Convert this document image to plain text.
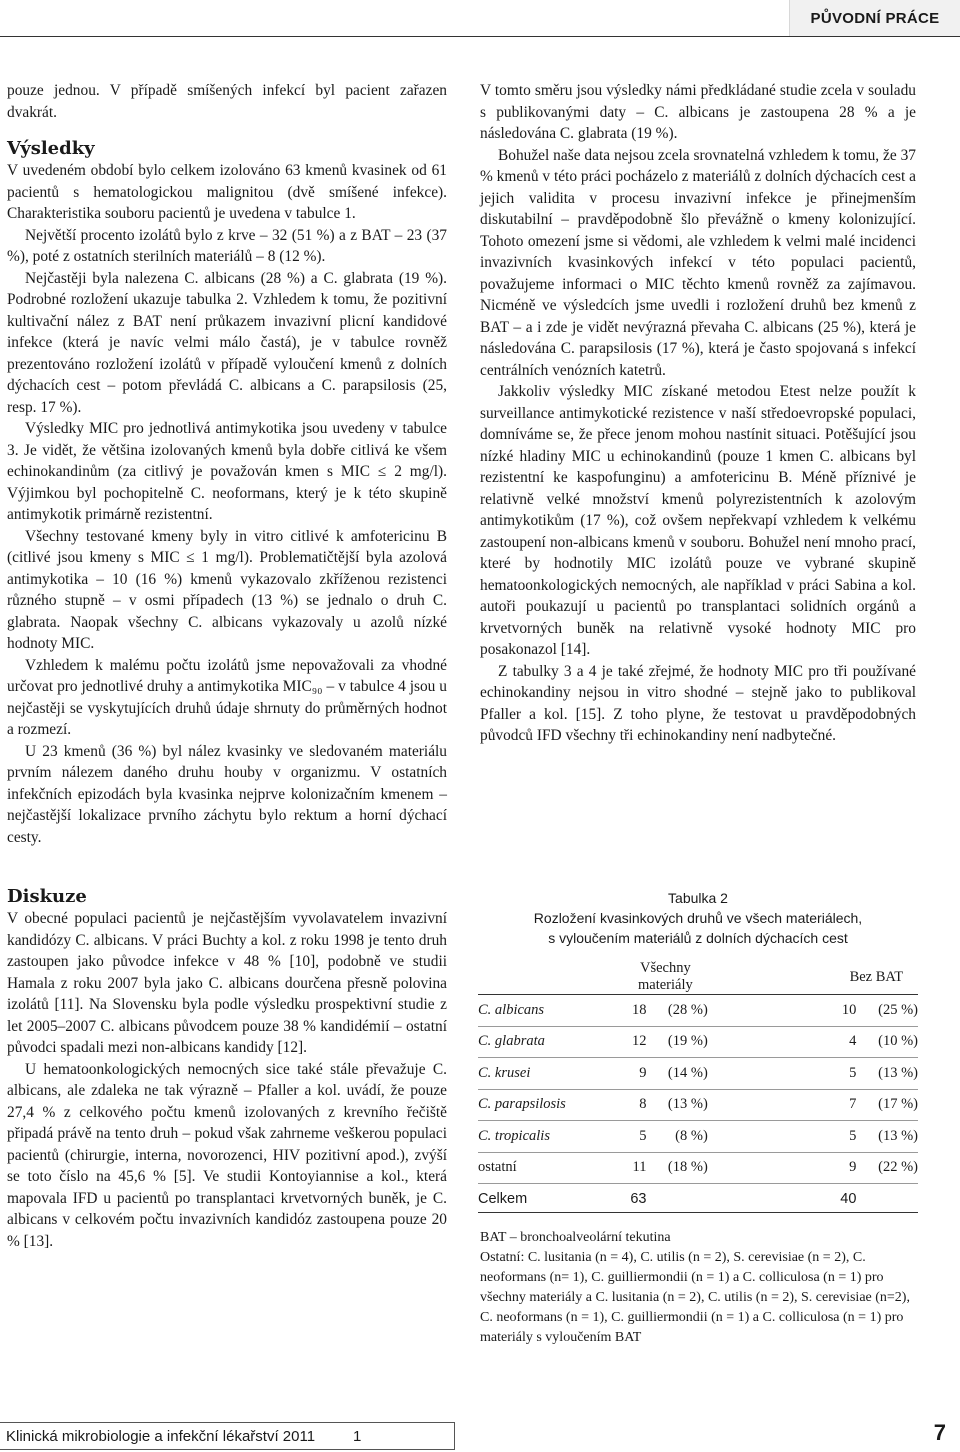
PŮVODNÍ PRÁCE

pouze jednou. V případě smíšených infekcí byl pacient zařazen dvakrát.

Výsledky

V uvedeném období bylo celkem izolováno 63 kmenů kvasinek od 61 pacientů s hematologickou malignitou (dvě smíšené infekce). Charakteristika souboru pacientů je uvedena v tabulce 1.

Největší procento izolátů bylo z krve – 32 (51 %) a z BAT – 23 (37 %), poté z ostatních sterilních materiálů – 8 (12 %).

Nejčastěji byla nalezena C. albicans (28 %) a C. glabrata (19 %). Podrobné rozložení ukazuje tabulka 2. Vzhledem k tomu, že pozitivní kultivační nález z BAT není průkazem invazivní plicní kandidové infekce (která je navíc velmi málo častá), je v tabulce rovněž prezentováno rozložení izolátů v případě vyloučení kmenů z dolních dýchacích cest – potom převládá C. albicans a C. parapsilosis (25, resp. 17 %).

Výsledky MIC pro jednotlivá antimykotika jsou uvedeny v tabulce 3. Je vidět, že většina izolovaných kmenů byla dobře citlivá ke všem echinokandinům (za citlivý je považován kmen s MIC ≤ 2 mg/l). Výjimkou byl pochopitelně C. neoformans, který je k této skupině antimykotik primárně rezistentní.

Všechny testované kmeny byly in vitro citlivé k amfotericinu B (citlivé jsou kmeny s MIC ≤ 1 mg/l). Problematičtější byla azolová antimykotika – 10 (16 %) kmenů vykazovalo zkříženou rezistenci různého stupně – v osmi případech (13 %) se jednalo o druh C. glabrata. Naopak všechny C. albicans vykazovaly u azolů nízké hodnoty MIC.

Vzhledem k malému počtu izolátů jsme nepovažovali za vhodné určovat pro jednotlivé druhy a antimykotika MIC₉₀ – v tabulce 4 jsou u nejčastěji se vyskytujících druhů údaje shrnuty do průměrných hodnot a rozmezí.

U 23 kmenů (36 %) byl nález kvasinky ve sledovaném materiálu prvním nálezem daného druhu houby v organizmu. V ostatních infekčních epizodách byla kvasinka nejprve kolonizačním kmenem – nejčastější lokalizace prvního záchytu bylo rektum a horní dýchací cesty.

Diskuze

V obecné populaci pacientů je nejčastějším vyvolavatelem invazivní kandidózy C. albicans. V práci Buchty a kol. z roku 1998 je tento druh zastoupen jako původce infekce v 48 % [10], podobně ve studii Hamala z roku 2007 byla jako C. albicans dourčena přesně polovina izolátů [11]. Na Slovensku byla podle výsledku prospektivní studie z let 2005–2007 C. albicans původcem pouze 38 % kandidémií – ostatní původci spadali mezi non-albicans kandidy [12].

U hematoonkologických nemocných sice také stále převažuje C. albicans, ale zdaleka ne tak výrazně – Pfaller a kol. uvádí, že pouze 27,4 % z celkového počtu kmenů izolovaných z krevního řečiště připadá právě na tento druh – pokud však zahrneme veškerou populaci pacientů (chirurgie, interna, novorozenci, HIV pozitivní apod.), zvýší se toto číslo na 45,6 % [5]. Ve studii Kontoyiannise a kol., která mapovala IFD u pacientů po transplantaci krvetvorných buněk, je C. albicans v celkovém počtu invazivních kandidóz zastoupena pouze 20 % [13].

V tomto směru jsou výsledky námi předkládané studie zcela v souladu s publikovanými daty – C. albicans je zastoupena 28 % a je následována C. glabrata (19 %).

Bohužel naše data nejsou zcela srovnatelná vzhledem k tomu, že 37 % kmenů v této práci pocházelo z materiálů z dolních dýchacích cest a jejich validita v procesu invazivní infekce je přinejmenším diskutabilní – pravděpodobně šlo převážně o kmeny kolonizující. Tohoto omezení jsme si vědomi, ale vzhledem k velmi malé incidenci invazivních kvasinkových infekcí v této populaci pacientů, považujeme informaci o MIC těchto kmenů rovněž za zajímavou. Nicméně ve výsledcích jsme uvedli i rozložení druhů bez kmenů z BAT – a i zde je vidět nevýrazná převaha C. albicans (25 %), která je následována C. parapsilosis (17 %), která je často spojovaná s infekcí centrálních venózních katetrů.

Jakkoliv výsledky MIC získané metodou Etest nelze použít k surveillance antimykotické rezistence v naší středoevropské populaci, domníváme se, že přece jenom mohou nastínit situaci. Potěšující jsou nízké hladiny MIC u echinokandinů (pouze 1 kmen C. albicans byl rezistentní ke kaspofunginu) a amfotericinu B. Méně příznivé je relativně velké množství kmenů polyrezistentních k azolovým antimykotikům (17 %), což ovšem nepřekvapí vzhledem k velkému zastoupení non-albicans kmenů v souboru. Bohužel není mnoho prací, které by hodnotily MIC izolátů pouze ve vybrané skupině hematoonkologických nemocných, ale například v práci Sabina a kol. autoři poukazují u pacientů po transplantaci solidních orgánů a krvetvorných buněk na relativně vysoké hodnoty MIC pro posakonazol [14].

Z tabulky 3 a 4 je také zřejmé, že hodnoty MIC pro tři používané echinokandiny nejsou in vitro shodné – stejně jako to publikoval Pfaller a kol. [15]. Z toho plyne, že testovat u pravděpodobných původců IFD všechny tři echinokandiny není nadbytečné.

Tabulka 2
Rozložení kvasinkových druhů ve všech materiálech,
s vyloučením materiálů z dolních dýchacích cest
	Všechny materiály			Bez BAT	
C. albicans	18	(28 %)		10	(25 %)
C. glabrata	12	(19 %)		4	(10 %)
C. krusei	9	(14 %)		5	(13 %)
C. parapsilosis	8	(13 %)		7	(17 %)
C. tropicalis	5	(8 %)		5	(13 %)
ostatní	11	(18 %)		9	(22 %)
Celkem	63			40	

BAT – bronchoalveolární tekutina

Ostatní: C. lusitania (n = 4), C. utilis (n = 2), S. cerevisiae (n = 2), C. neoformans (n= 1), C. guilliermondii (n = 1) a C. colliculosa (n = 1) pro všechny materiály a C. lusitania (n = 2), C. utilis (n = 2), S. cerevisiae (n=2), C. neoformans (n = 1), C. guilliermondii (n = 1) a C. colliculosa (n = 1) pro materiály s vyloučením BAT

Klinická mikrobiologie a infekční lékařství 2011	1	7
